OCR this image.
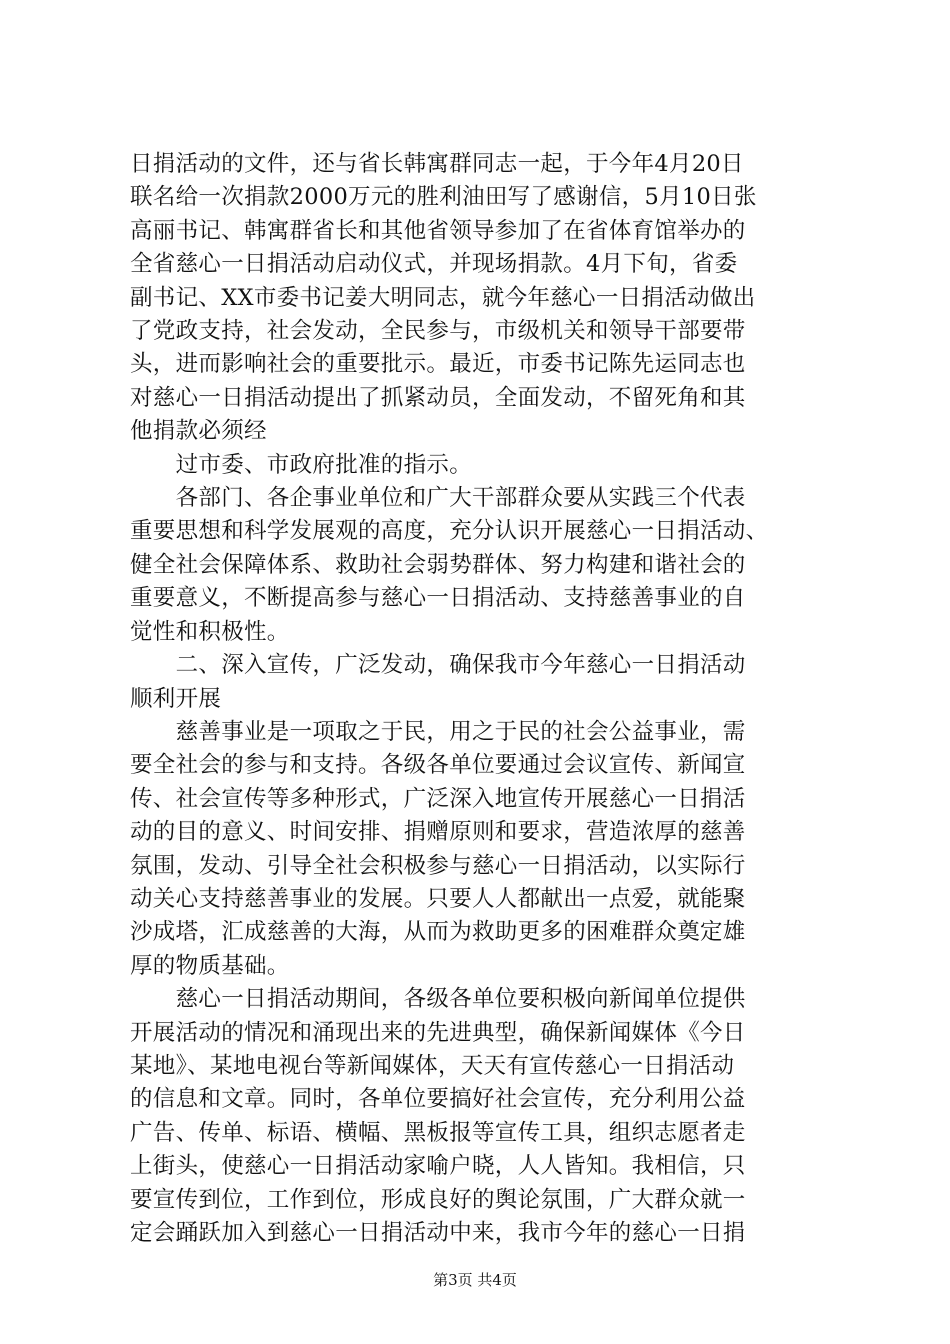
日捐活动的文件，还与省长韩寓群同志一起，于今年4月20日
联名给一次捐款2000万元的胜利油田写了感谢信，5月10日张
高丽书记、韩寓群省长和其他省领导参加了在省体育馆举办的
全省慈心一日捐活动启动仪式，并现场捐款。4月下旬，省委
副书记、XX市委书记姜大明同志，就今年慈心一日捐活动做出
了党政支持，社会发动，全民参与，市级机关和领导干部要带
头，进而影响社会的重要批示。最近，市委书记陈先运同志也
对慈心一日捐活动提出了抓紧动员，全面发动，不留死角和其
他捐款必须经
　　过市委、市政府批准的指示。
　　各部门、各企事业单位和广大干部群众要从实践三个代表
重要思想和科学发展观的高度，充分认识开展慈心一日捐活动、
健全社会保障体系、救助社会弱势群体、努力构建和谐社会的
重要意义，不断提高参与慈心一日捐活动、支持慈善事业的自
觉性和积极性。
　　二、深入宣传，广泛发动，确保我市今年慈心一日捐活动
顺利开展
　　慈善事业是一项取之于民，用之于民的社会公益事业，需
要全社会的参与和支持。各级各单位要通过会议宣传、新闻宣
传、社会宣传等多种形式，广泛深入地宣传开展慈心一日捐活
动的目的意义、时间安排、捐赠原则和要求，营造浓厚的慈善
氛围，发动、引导全社会积极参与慈心一日捐活动，以实际行
动关心支持慈善事业的发展。只要人人都献出一点爱，就能聚
沙成塔，汇成慈善的大海，从而为救助更多的困难群众奠定雄
厚的物质基础。
　　慈心一日捐活动期间，各级各单位要积极向新闻单位提供
开展活动的情况和涌现出来的先进典型，确保新闻媒体《今日
某地》、某地电视台等新闻媒体，天天有宣传慈心一日捐活动
的信息和文章。同时，各单位要搞好社会宣传，充分利用公益
广告、传单、标语、横幅、黑板报等宣传工具，组织志愿者走
上街头，使慈心一日捐活动家喻户晓，人人皆知。我相信，只
要宣传到位，工作到位，形成良好的舆论氛围，广大群众就一
定会踊跃加入到慈心一日捐活动中来，我市今年的慈心一日捐
第3页 共4页
